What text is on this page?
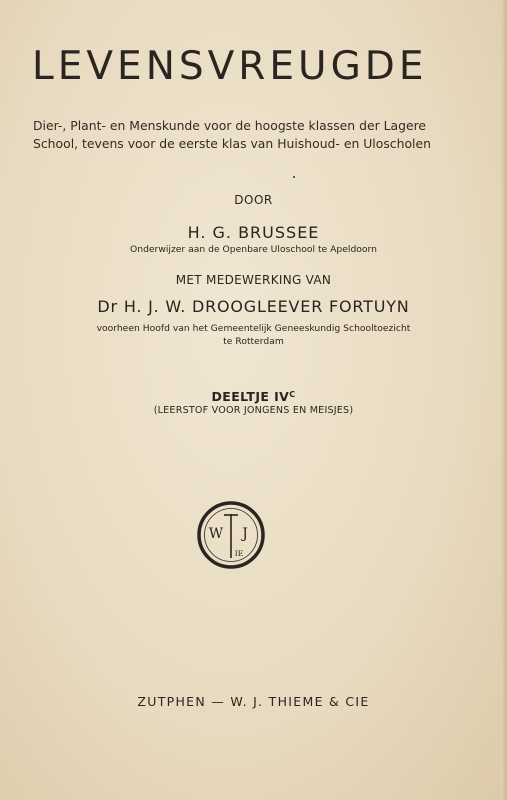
LEVENSVREUGDE
Dier-, Plant- en Menskunde voor de hoogste klassen der Lagere
School, tevens voor de eerste klas van Huishoud- en Uloscholen
DOOR
H. G. BRUSSEE
Onderwijzer aan de Openbare Uloschool te Apeldoorn
MET MEDEWERKING VAN
Dr H. J. W. DROOGLEEVER FORTUYN
voorheen Hoofd van het Gemeentelijk Geneeskundig Schooltoezicht
te Rotterdam
DEELTJE $IV^C$
(LEERSTOF VOOR JONGENS EN MEISJES)
W J
IE
ZUTPHEN — W. J. THIEME & CIE
